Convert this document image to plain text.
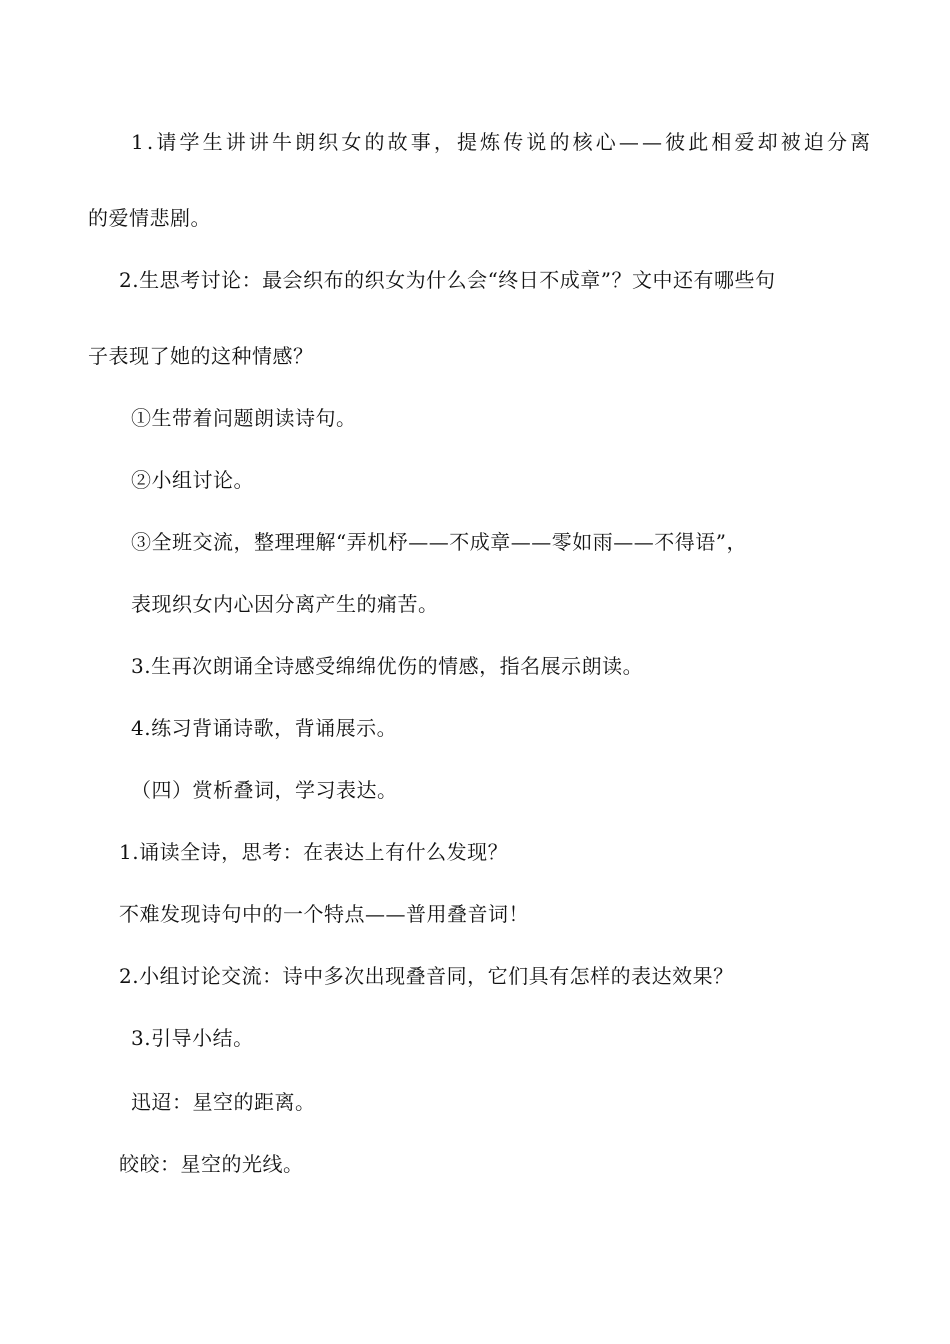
1.请学生讲讲牛朗织女的故事，提炼传说的核心——彼此相爱却被迫分离
的爱情悲剧。
2.生思考讨论：最会织布的织女为什么会“终日不成章”？文中还有哪些句
子表现了她的这种情感？
①生带着问题朗读诗句。
②小组讨论。
③全班交流，整理理解“弄机杼——不成章——零如雨——不得语”，
表现织女内心因分离产生的痛苦。
3.生再次朗诵全诗感受绵绵优伤的情感，指名展示朗读。
4.练习背诵诗歌，背诵展示。
（四）赏析叠词，学习表达。
1.诵读全诗，思考：在表达上有什么发现？
不难发现诗句中的一个特点——普用叠音词！
2.小组讨论交流：诗中多次出现叠音同，它们具有怎样的表达效果？
3.引导小结。
迅迢：星空的距离。
皎皎：星空的光线。
